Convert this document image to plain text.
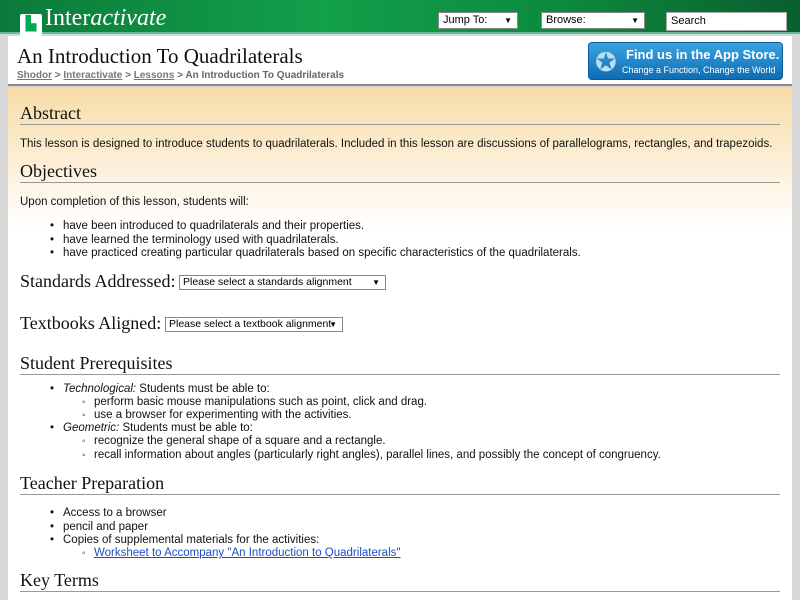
▙ Interactivate	Jump To: ▼	Browse:	▼	Search
An Introduction To Quadrilaterals
Shodor > Interactivate > Lessons > An Introduction To Quadrilaterals	✪ Find us in the App Store.
Change a Function, Change the World
Abstract
This lesson is designed to introduce students to quadrilaterals. Included in this lesson are discussions of parallelograms, rectangles, and trapezoids.
Objectives
Upon completion of this lesson, students will:
• have been introduced to quadrilaterals and their properties.
• have learned the terminology used with quadrilaterals.
• have practiced creating particular quadrilaterals based on specific characteristics of the quadrilaterals.
Standards Addressed: Please select a standards alignment	▼
Textbooks Aligned: Please select a textbook alignment
▼
Student Prerequisites
• Technological: Students must be able to:
◦ perform basic mouse manipulations such as point, click and drag.
◦ use a browser for experimenting with the activities.
• Geometric: Students must be able to:
◦ recognize the general shape of a square and a rectangle.
◦ recall information about angles (particularly right angles), parallel lines, and possibly the concept of congruency.
Teacher Preparation
• Access to a browser
• pencil and paper
• Copies of supplemental materials for the activities:
◦ Worksheet to Accompany "An Introduction to Quadrilaterals"
Key Terms
